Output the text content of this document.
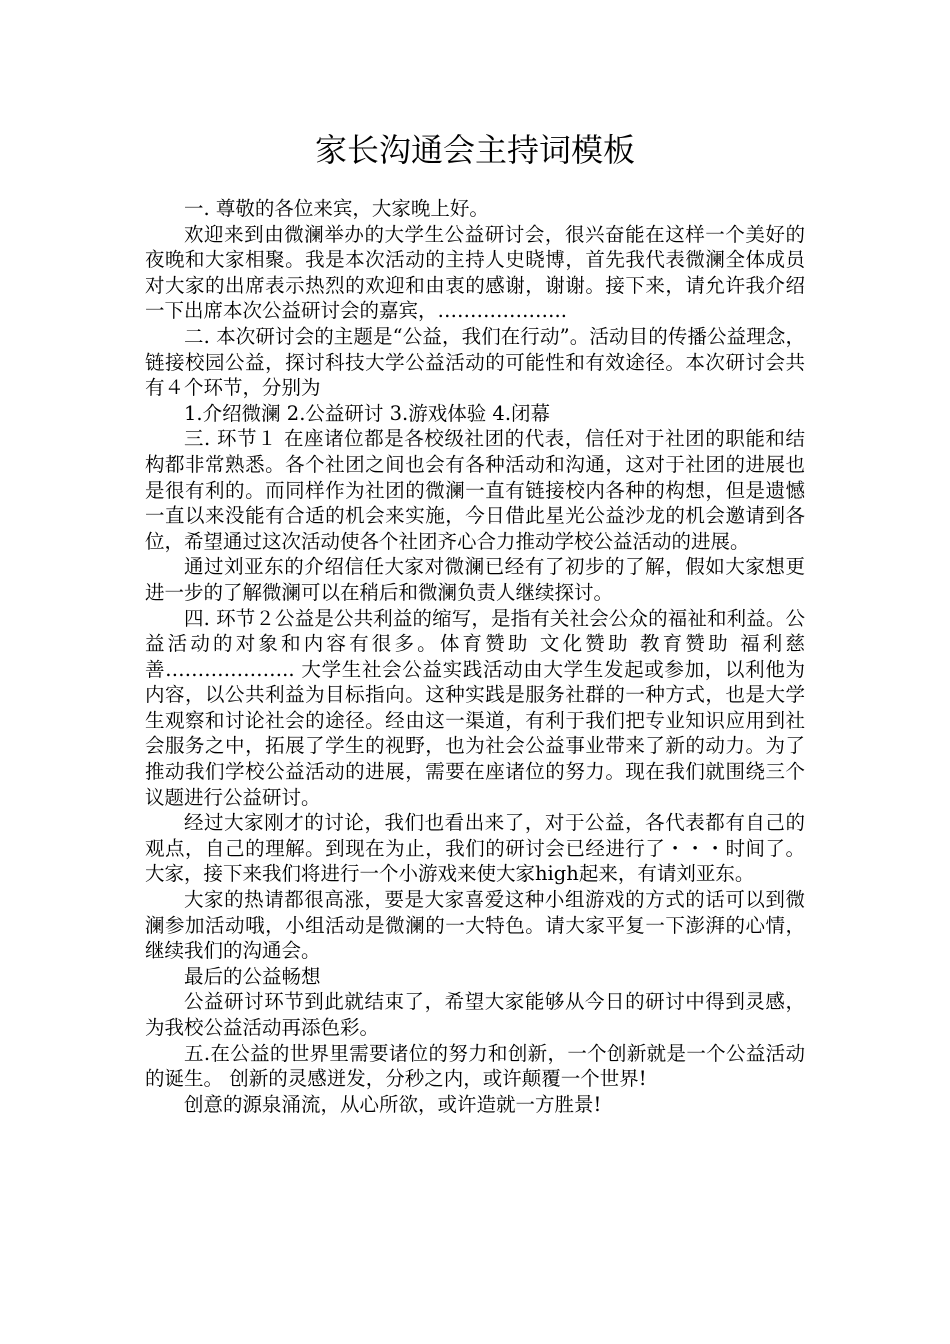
家长沟通会主持词模板

一. 尊敬的各位来宾，大家晚上好。

欢迎来到由微澜举办的大学生公益研讨会，很兴奋能在这样一个美好的夜晚和大家相聚。我是本次活动的主持人史晓博，首先我代表微澜全体成员对大家的出席表示热烈的欢迎和由衷的感谢，谢谢。接下来，请允许我介绍一下出席本次公益研讨会的嘉宾，………………..

二. 本次研讨会的主题是“公益，我们在行动”。活动目的传播公益理念，链接校园公益，探讨科技大学公益活动的可能性和有效途径。本次研讨会共有４个环节，分别为

1.介绍微澜 2.公益研讨 3.游戏体验 4.闭幕

三. 环节１ 在座诸位都是各校级社团的代表，信任对于社团的职能和结构都非常熟悉。各个社团之间也会有各种活动和沟通，这对于社团的进展也是很有利的。而同样作为社团的微澜一直有链接校内各种的构想，但是遗憾一直以来没能有合适的机会来实施，今日借此星光公益沙龙的机会邀请到各位，希望通过这次活动使各个社团齐心合力推动学校公益活动的进展。

通过刘亚东的介绍信任大家对微澜已经有了初步的了解，假如大家想更进一步的了解微澜可以在稍后和微澜负责人继续探讨。

四. 环节２公益是公共利益的缩写，是指有关社会公众的福祉和利益。公益活动的对象和内容有很多。体育赞助 文化赞助 教育赞助 福利慈善……………….. 大学生社会公益实践活动由大学生发起或参加，以利他为内容，以公共利益为目标指向。这种实践是服务社群的一种方式，也是大学生观察和讨论社会的途径。经由这一渠道，有利于我们把专业知识应用到社会服务之中，拓展了学生的视野，也为社会公益事业带来了新的动力。为了推动我们学校公益活动的进展，需要在座诸位的努力。现在我们就围绕三个议题进行公益研讨。

经过大家刚才的讨论，我们也看出来了，对于公益，各代表都有自己的观点，自己的理解。到现在为止，我们的研讨会已经进行了・・・时间了。大家，接下来我们将进行一个小游戏来使大家high起来，有请刘亚东。

大家的热请都很高涨，要是大家喜爱这种小组游戏的方式的话可以到微澜参加活动哦，小组活动是微澜的一大特色。请大家平复一下澎湃的心情，继续我们的沟通会。

最后的公益畅想

公益研讨环节到此就结束了，希望大家能够从今日的研讨中得到灵感，为我校公益活动再添色彩。

五.在公益的世界里需要诸位的努力和创新，一个创新就是一个公益活动的诞生。 创新的灵感迸发，分秒之内，或许颠覆一个世界!

创意的源泉涌流，从心所欲，或许造就一方胜景!
